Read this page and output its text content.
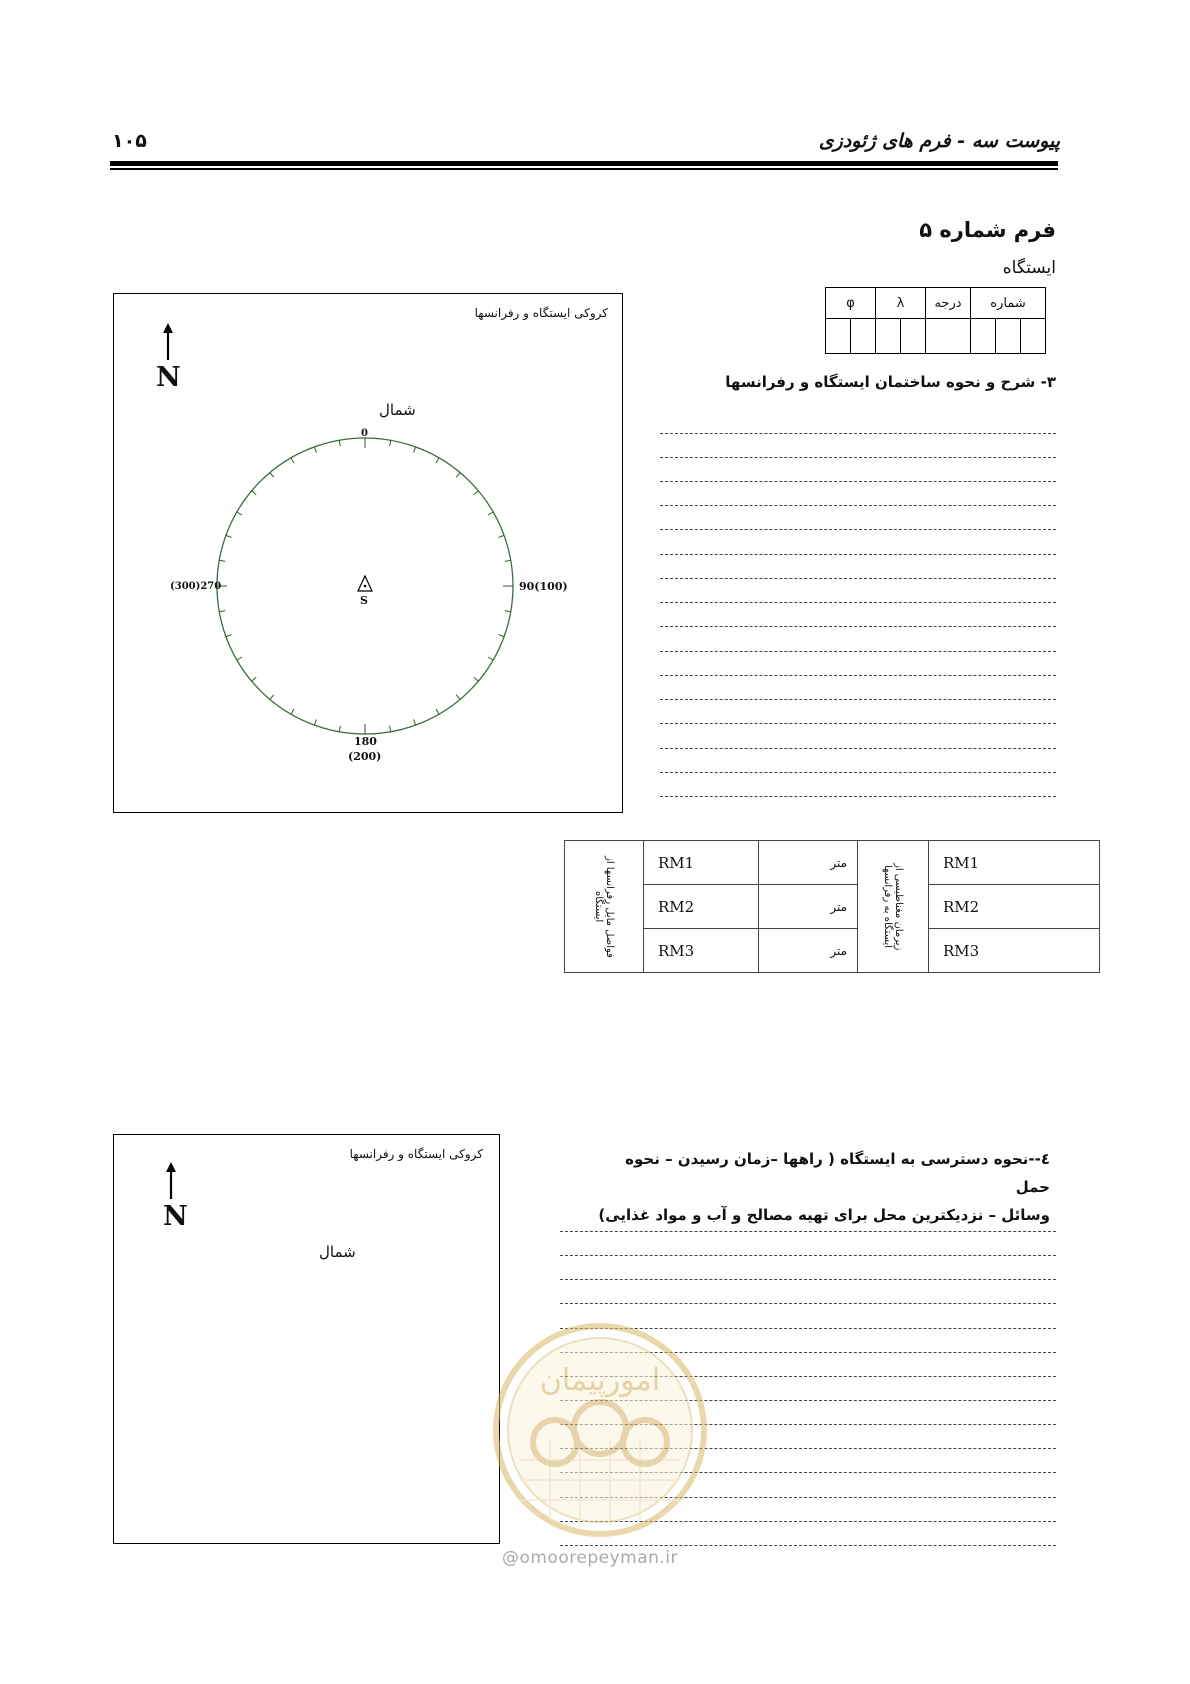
پیوست سه - فرم های ژئودزی
۱۰۵
فرم شماره ۵
ایستگاه
φ		λ		درجه	شماره		

۳- شرح و نحوه ساختمان ایستگاه و رفرانسها
کروکی ایستگاه و رفرانسها
N
شمال
0
90(100)
(300)270
180
(200)
S
فواصل مایل رفرانسها از ایستگاه	RM1	متر	زیرمان مغناطیسی از ایستگاه به رفرانسها	RM1
	RM2	متر		RM2
	RM3	متر		RM3
٤--نحوه دسترسی به ایستگاه ( راهها –زمان رسیدن – نحوه حمل
وسائل – نزدیکترین محل برای تهیه مصالح و آب و مواد غذایی)
کروکی ایستگاه و رفرانسها
N
شمال
امورپیمان
@omoorepeyman.ir
